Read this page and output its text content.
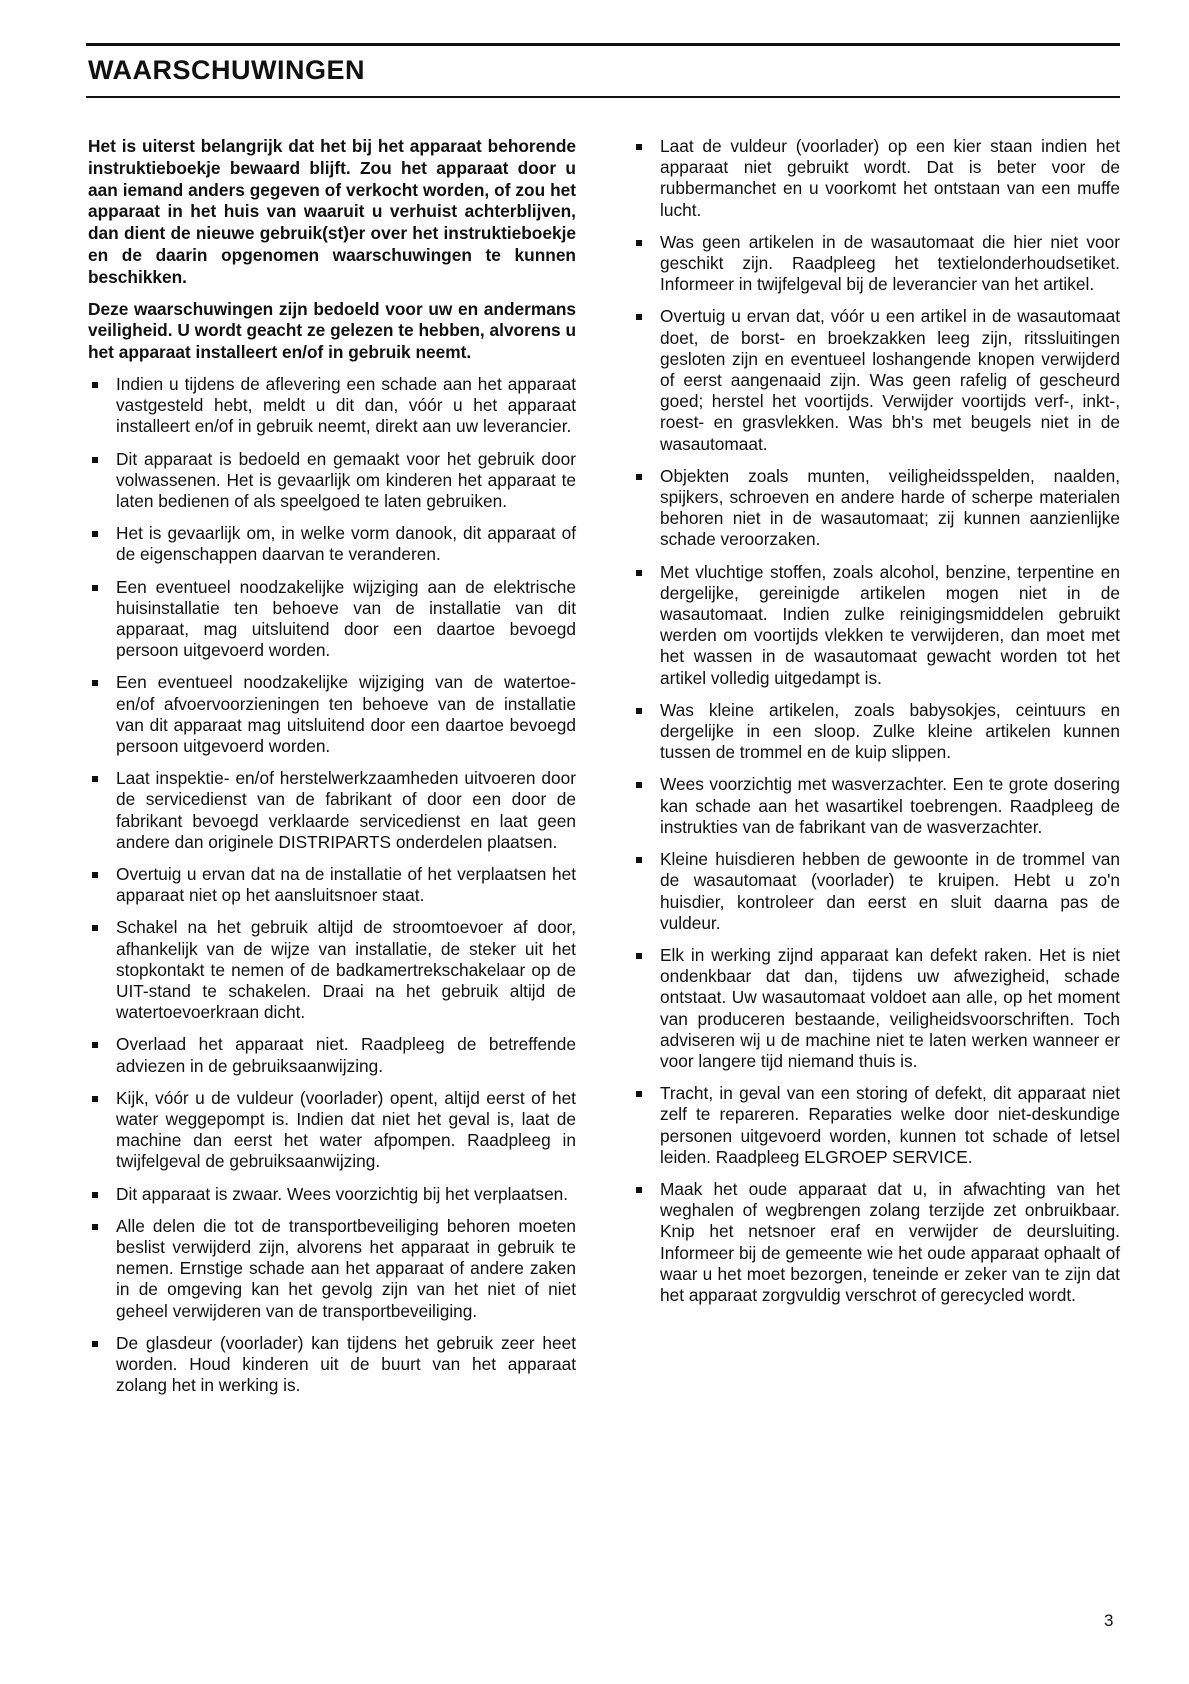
WAARSCHUWINGEN

Het is uiterst belangrijk dat het bij het apparaat behorende instruktieboekje bewaard blijft. Zou het apparaat door u aan iemand anders gegeven of verkocht worden, of zou het apparaat in het huis van waaruit u verhuist achterblijven, dan dient de nieuwe gebruik(st)er over het instruktieboekje en de daarin opgenomen waarschuwingen te kunnen beschikken.

Deze waarschuwingen zijn bedoeld voor uw en andermans veiligheid. U wordt geacht ze gelezen te hebben, alvorens u het apparaat installeert en/of in gebruik neemt.

Indien u tijdens de aflevering een schade aan het apparaat vastgesteld hebt, meldt u dit dan, vóór u het apparaat installeert en/of in gebruik neemt, direkt aan uw leverancier.
Dit apparaat is bedoeld en gemaakt voor het gebruik door volwassenen. Het is gevaarlijk om kinderen het apparaat te laten bedienen of als speelgoed te laten gebruiken.
Het is gevaarlijk om, in welke vorm danook, dit apparaat of de eigenschappen daarvan te veranderen.
Een eventueel noodzakelijke wijziging aan de elektrische huisinstallatie ten behoeve van de installatie van dit apparaat, mag uitsluitend door een daartoe bevoegd persoon uitgevoerd worden.
Een eventueel noodzakelijke wijziging van de watertoe- en/of afvoervoorzieningen ten behoeve van de installatie van dit apparaat mag uitsluitend door een daartoe bevoegd persoon uitgevoerd worden.
Laat inspektie- en/of herstelwerkzaamheden uitvoeren door de servicedienst van de fabrikant of door een door de fabrikant bevoegd verklaarde servicedienst en laat geen andere dan originele DISTRIPARTS onderdelen plaatsen.
Overtuig u ervan dat na de installatie of het verplaatsen het apparaat niet op het aansluitsnoer staat.
Schakel na het gebruik altijd de stroomtoevoer af door, afhankelijk van de wijze van installatie, de steker uit het stopkontakt te nemen of de badkamertrekschakelaar op de UIT-stand te schakelen. Draai na het gebruik altijd de watertoevoerkraan dicht.
Overlaad het apparaat niet. Raadpleeg de betreffende adviezen in de gebruiksaanwijzing.
Kijk, vóór u de vuldeur (voorlader) opent, altijd eerst of het water weggepompt is. Indien dat niet het geval is, laat de machine dan eerst het water afpompen. Raadpleeg in twijfelgeval de gebruiksaanwijzing.
Dit apparaat is zwaar. Wees voorzichtig bij het verplaatsen.
Alle delen die tot de transportbeveiliging behoren moeten beslist verwijderd zijn, alvorens het apparaat in gebruik te nemen. Ernstige schade aan het apparaat of andere zaken in de omgeving kan het gevolg zijn van het niet of niet geheel verwijderen van de transportbeveiliging.
De glasdeur (voorlader) kan tijdens het gebruik zeer heet worden. Houd kinderen uit de buurt van het apparaat zolang het in werking is.
Laat de vuldeur (voorlader) op een kier staan indien het apparaat niet gebruikt wordt. Dat is beter voor de rubbermanchet en u voorkomt het ontstaan van een muffe lucht.
Was geen artikelen in de wasautomaat die hier niet voor geschikt zijn. Raadpleeg het textielonderhoudsetiket. Informeer in twijfelgeval bij de leverancier van het artikel.
Overtuig u ervan dat, vóór u een artikel in de wasautomaat doet, de borst- en broekzakken leeg zijn, ritssluitingen gesloten zijn en eventueel loshangende knopen verwijderd of eerst aangenaaid zijn. Was geen rafelig of gescheurd goed; herstel het voortijds. Verwijder voortijds verf-, inkt-, roest- en grasvlekken. Was bh's met beugels niet in de wasautomaat.
Objekten zoals munten, veiligheidsspelden, naalden, spijkers, schroeven en andere harde of scherpe materialen behoren niet in de wasautomaat; zij kunnen aanzienlijke schade veroorzaken.
Met vluchtige stoffen, zoals alcohol, benzine, terpentine en dergelijke, gereinigde artikelen mogen niet in de wasautomaat. Indien zulke reinigingsmiddelen gebruikt werden om voortijds vlekken te verwijderen, dan moet met het wassen in de wasautomaat gewacht worden tot het artikel volledig uitgedampt is.
Was kleine artikelen, zoals babysokjes, ceintuurs en dergelijke in een sloop. Zulke kleine artikelen kunnen tussen de trommel en de kuip slippen.
Wees voorzichtig met wasverzachter. Een te grote dosering kan schade aan het wasartikel toebrengen. Raadpleeg de instrukties van de fabrikant van de wasverzachter.
Kleine huisdieren hebben de gewoonte in de trommel van de wasautomaat (voorlader) te kruipen. Hebt u zo'n huisdier, kontroleer dan eerst en sluit daarna pas de vuldeur.
Elk in werking zijnd apparaat kan defekt raken. Het is niet ondenkbaar dat dan, tijdens uw afwezigheid, schade ontstaat. Uw wasautomaat voldoet aan alle, op het moment van produceren bestaande, veiligheidsvoorschriften. Toch adviseren wij u de machine niet te laten werken wanneer er voor langere tijd niemand thuis is.
Tracht, in geval van een storing of defekt, dit apparaat niet zelf te repareren. Reparaties welke door niet-deskundige personen uitgevoerd worden, kunnen tot schade of letsel leiden. Raadpleeg ELGROEP SERVICE.
Maak het oude apparaat dat u, in afwachting van het weghalen of wegbrengen zolang terzijde zet onbruikbaar. Knip het netsnoer eraf en verwijder de deursluiting. Informeer bij de gemeente wie het oude apparaat ophaalt of waar u het moet bezorgen, teneinde er zeker van te zijn dat het apparaat zorgvuldig verschrot of gerecycled wordt.

3
